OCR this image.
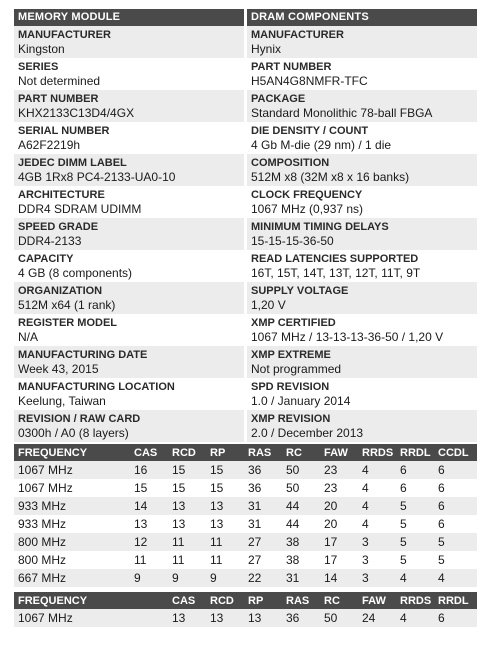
MEMORY MODULE
MANUFACTURER
Kingston
SERIES
Not determined
PART NUMBER
KHX2133C13D4/4GX
SERIAL NUMBER
A62F2219h
JEDEC DIMM LABEL
4GB 1Rx8 PC4-2133-UA0-10
ARCHITECTURE
DDR4 SDRAM UDIMM
SPEED GRADE
DDR4-2133
CAPACITY
4 GB (8 components)
ORGANIZATION
512M x64 (1 rank)
REGISTER MODEL
N/A
MANUFACTURING DATE
Week 43, 2015
MANUFACTURING LOCATION
Keelung, Taiwan
REVISION / RAW CARD
0300h / A0 (8 layers)
DRAM COMPONENTS
MANUFACTURER
Hynix
PART NUMBER
H5AN4G8NMFR-TFC
PACKAGE
Standard Monolithic 78-ball FBGA
DIE DENSITY / COUNT
4 Gb M-die (29 nm) / 1 die
COMPOSITION
512M x8 (32M x8 x 16 banks)
CLOCK FREQUENCY
1067 MHz (0,937 ns)
MINIMUM TIMING DELAYS
15-15-15-36-50
READ LATENCIES SUPPORTED
16T, 15T, 14T, 13T, 12T, 11T, 9T
SUPPLY VOLTAGE
1,20 V
XMP CERTIFIED
1067 MHz / 13-13-13-36-50 / 1,20 V
XMP EXTREME
Not programmed
SPD REVISION
1.0 / January 2014
XMP REVISION
2.0 / December 2013
FREQUENCY	CAS	RCD	RP	RAS	RC	FAW	RRDS	RRDL	CCDL
1067 MHz	16	15	15	36	50	23	4	6	6
1067 MHz	15	15	15	36	50	23	4	6	6
933 MHz	14	13	13	31	44	20	4	5	6
933 MHz	13	13	13	31	44	20	4	5	6
800 MHz	12	11	11	27	38	17	3	5	5
800 MHz	11	11	11	27	38	17	3	5	5
667 MHz	9	9	9	22	31	14	3	4	4
FREQUENCY	CAS	RCD	RP	RAS	RC	FAW	RRDS	RRDL
1067 MHz	13	13	13	36	50	24	4	6
